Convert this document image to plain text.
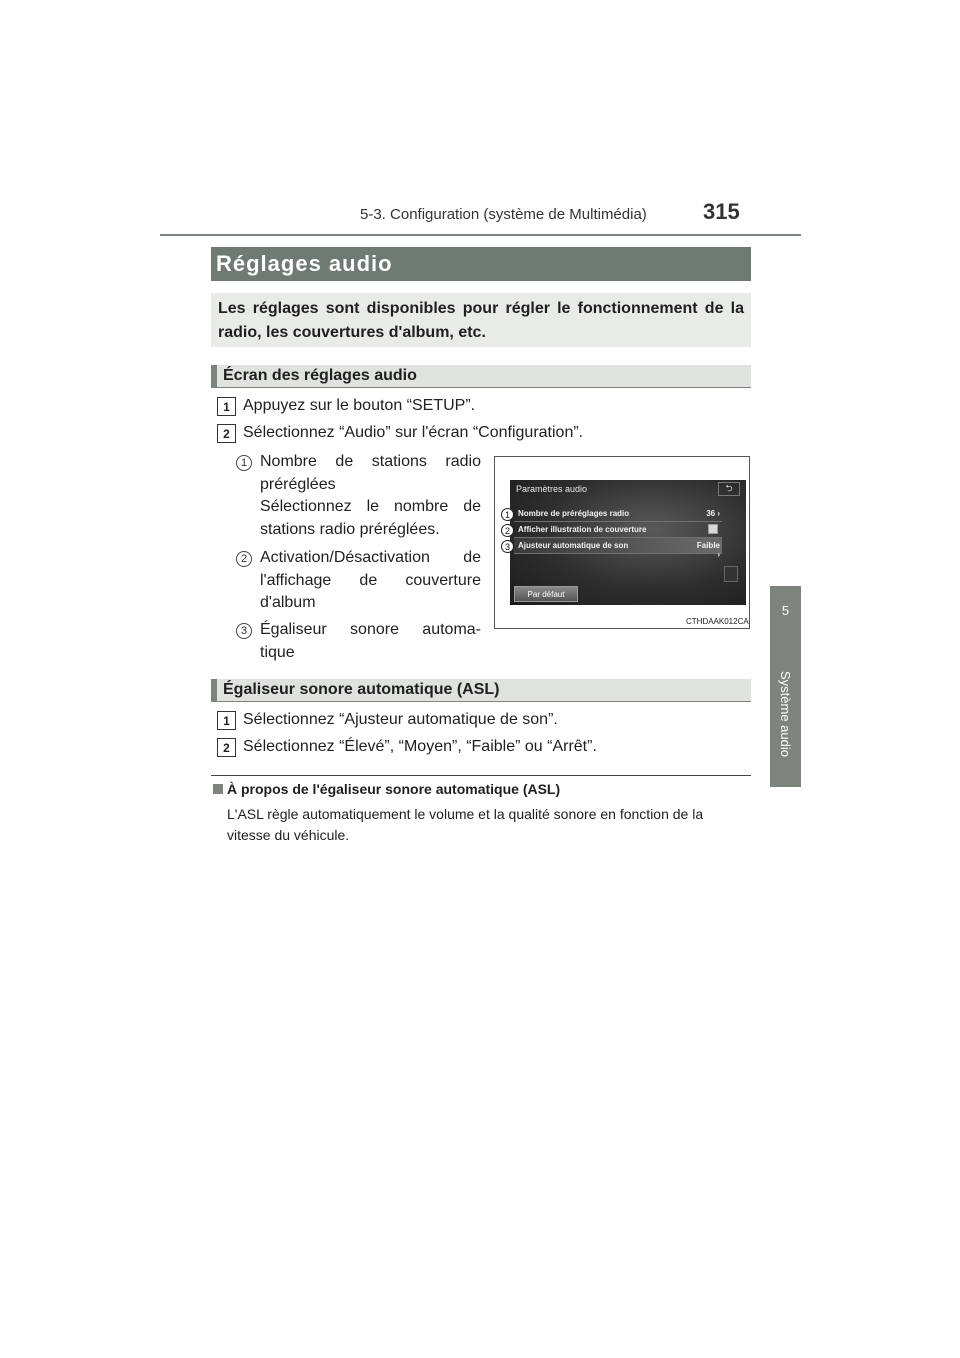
5-3. Configuration (système de Multimédia)	315
5
Système audio
Réglages audio
Les réglages sont disponibles pour régler le fonctionnement de la radio, les couvertures d'album, etc.
Écran des réglages audio
1 Appuyez sur le bouton “SETUP”.
2 Sélectionnez “Audio” sur l'écran “Configuration”.
1 Nombre de stations radio
préréglées
Sélectionnez le nombre de
stations radio préréglées.
2 Activation/Désactivation de
l'affichage de couverture
d'album
3 Égaliseur sonore automa-
tique
Paramètres audio	⮌
Nombre de préréglages radio	36 ›
Afficher illustration de couverture
Ajusteur automatique de son	Faible ›
Par défaut
1
2
3
CTHDAAK012CA
Égaliseur sonore automatique (ASL)
1 Sélectionnez “Ajusteur automatique de son”.
2 Sélectionnez “Élevé”, “Moyen”, “Faible” ou “Arrêt”.
À propos de l'égaliseur sonore automatique (ASL)
L'ASL règle automatiquement le volume et la qualité sonore en fonction de la vitesse du véhicule.
